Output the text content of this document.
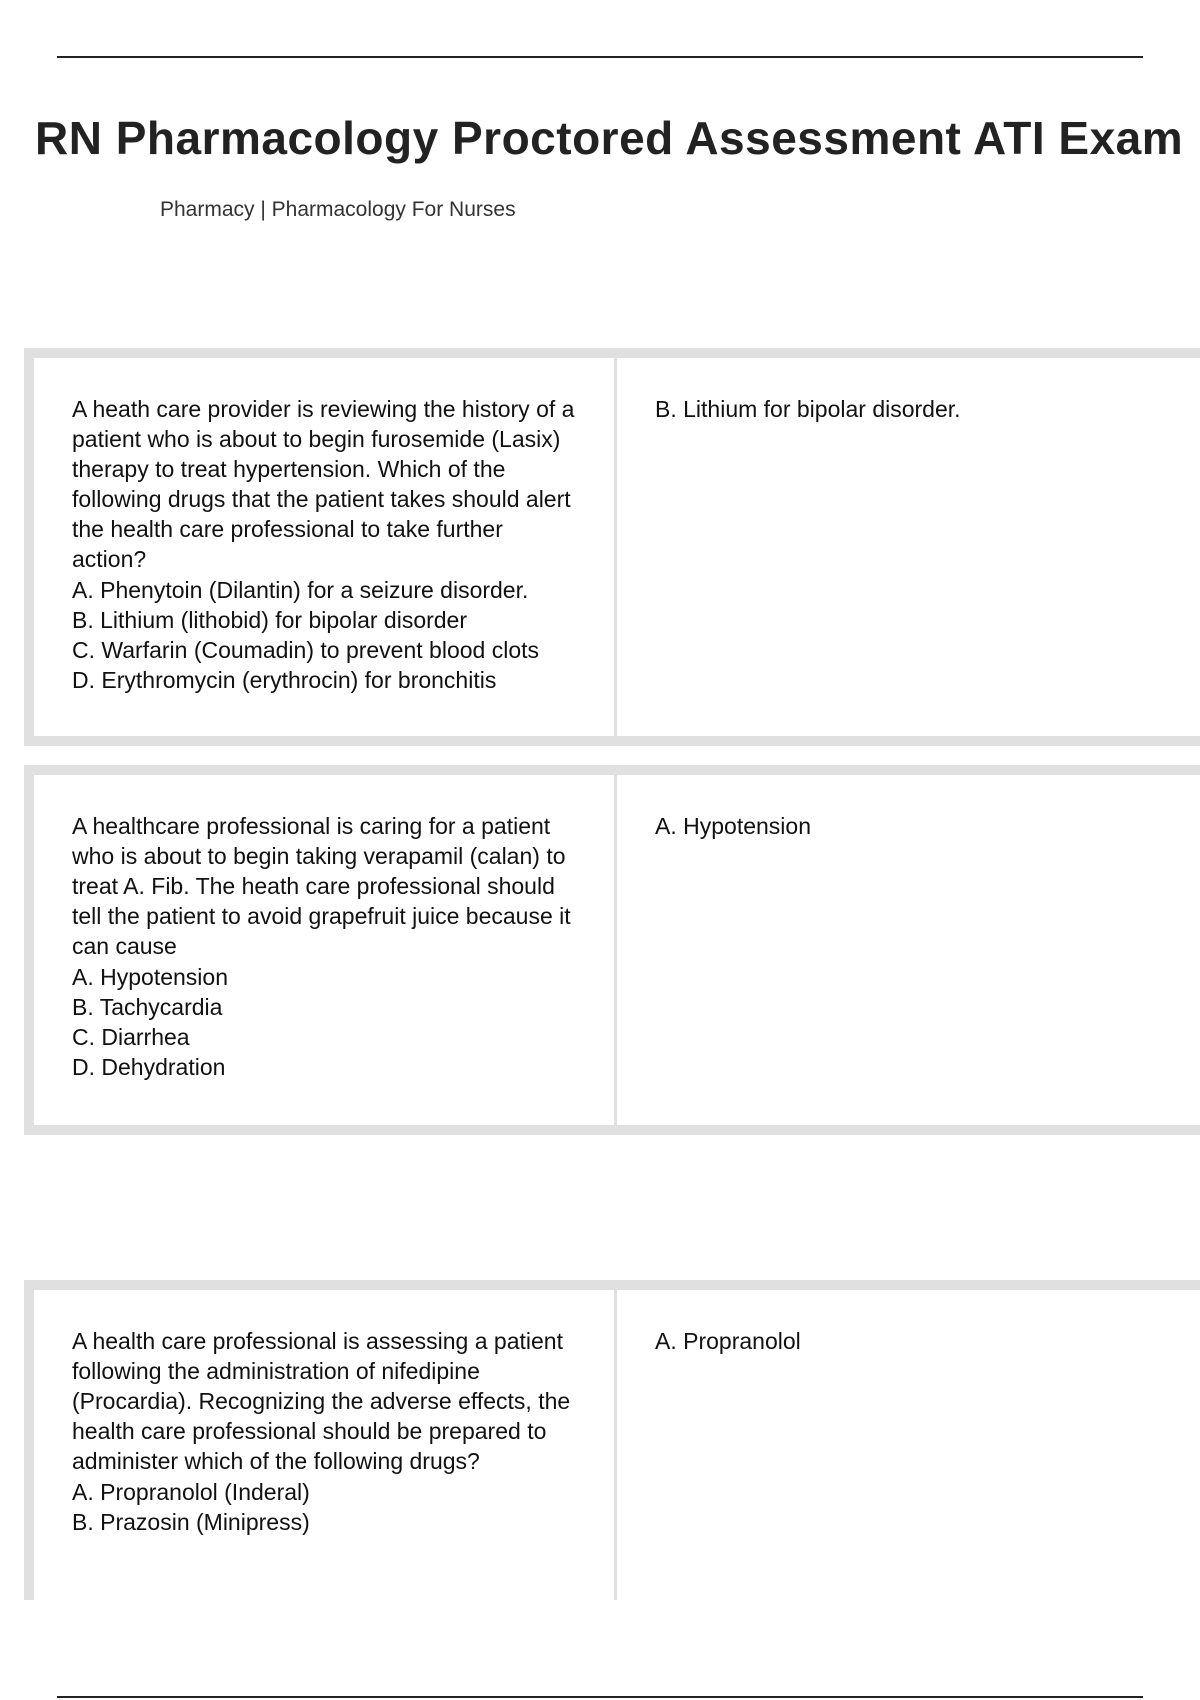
RN Pharmacology Proctored Assessment ATI Exam

Pharmacy | Pharmacology For Nurses

A heath care provider is reviewing the history of a patient who is about to begin furosemide (Lasix) therapy to treat hypertension. Which of the following drugs that the patient takes should alert the health care professional to take further action?

A. Phenytoin (Dilantin) for a seizure disorder.
B. Lithium (lithobid) for bipolar disorder
C. Warfarin (Coumadin) to prevent blood clots
D. Erythromycin (erythrocin) for bronchitis

B. Lithium for bipolar disorder.

A healthcare professional is caring for a patient who is about to begin taking verapamil (calan) to treat A. Fib. The heath care professional should tell the patient to avoid grapefruit juice because it can cause

A. Hypotension
B. Tachycardia
C. Diarrhea
D. Dehydration

A. Hypotension

A health care professional is assessing a patient following the administration of nifedipine (Procardia). Recognizing the adverse effects, the health care professional should be prepared to administer which of the following drugs?

A. Propranolol (Inderal)
B. Prazosin (Minipress)

A. Propranolol
